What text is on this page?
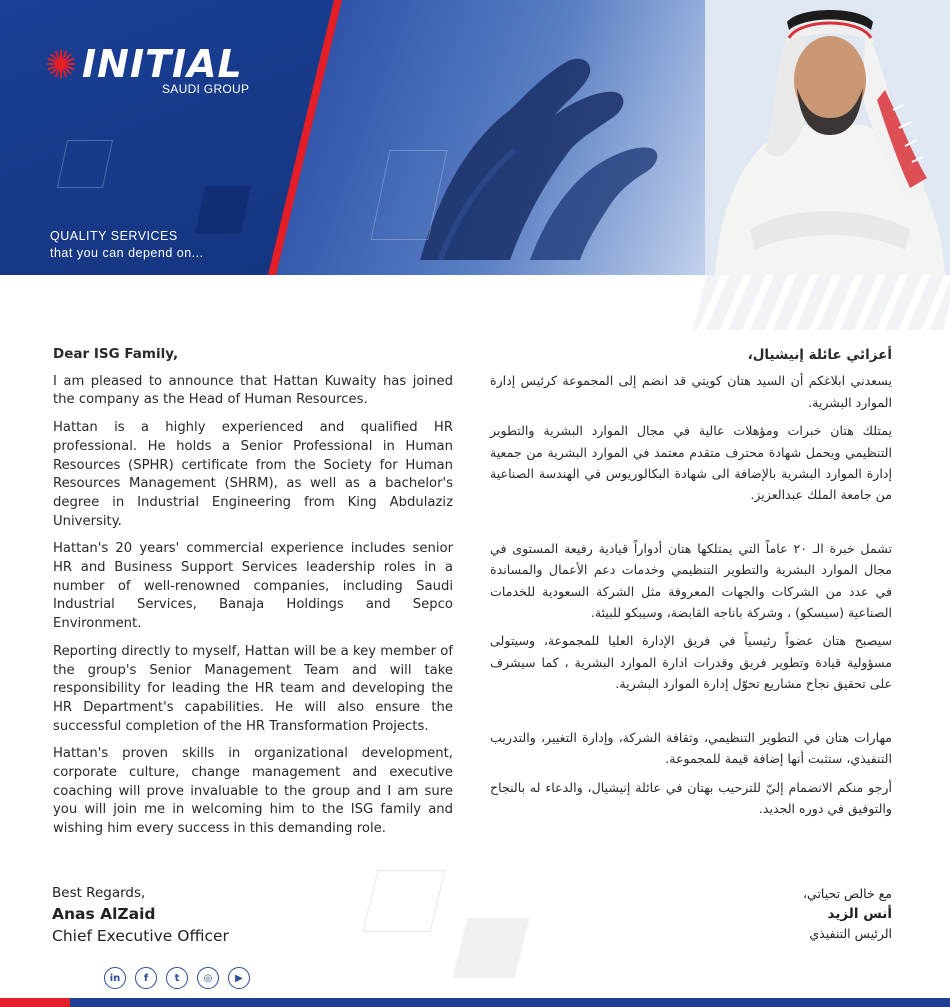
INITIAL
SAUDI GROUP
QUALITY SERVICES
that you can depend on...
Dear ISG Family,

I am pleased to announce that Hattan Kuwaity has joined the company as the Head of Human Resources.

Hattan is a highly experienced and qualified HR professional. He holds a Senior Professional in Human Resources (SPHR) certificate from the Society for Human Resources Management (SHRM), as well as a bachelor's degree in Industrial Engineering from King Abdulaziz University.

Hattan's 20 years' commercial experience includes senior HR and Business Support Services leadership roles in a number of well-renowned companies, including Saudi Industrial Services, Banaja Holdings and Sepco Environment.

Reporting directly to myself, Hattan will be a key member of the group's Senior Management Team and will take responsibility for leading the HR team and developing the HR Department's capabilities. He will also ensure the successful completion of the HR Transformation Projects.

Hattan's proven skills in organizational development, corporate culture, change management and executive coaching will prove invaluable to the group and I am sure you will join me in welcoming him to the ISG family and wishing him every success in this demanding role.

أعزائي عائلة إنيشيال،

يسعدني ابلاغكم أن السيد هتان كويتي قد انضم إلى المجموعة كرئيس إدارة الموارد البشرية.

يمتلك هتان خبرات ومؤهلات عالية في مجال الموارد البشرية والتطوير التنظيمي ويحمل شهادة محترف متقدم معتمد في الموارد البشرية من جمعية إدارة الموارد البشرية بالإضافة الى شهادة البكالوريوس في الهندسة الصناعية من جامعة الملك عبدالعزيز.

تشمل خبرة الـ ٢٠ عاماً التي يمتلكها هتان أدواراً قيادية رفيعة المستوى في مجال الموارد البشرية والتطوير التنظيمي وخدمات دعم الأعمال والمساندة في عدد من الشركات والجهات المعروفة مثل الشركة السعودية للخدمات الصناعية (سيسكو) ، وشركة باناجه القابضة، وسيبكو للبيئة.

سيصبح هتان عضواً رئيسياً في فريق الإدارة العليا للمجموعة، وسيتولى مسؤولية قيادة وتطوير فريق وقدرات ادارة الموارد البشرية ، كما سيشرف على تحقيق نجاح مشاريع تحوّل إدارة الموارد البشرية.

مهارات هتان في التطوير التنظيمي، وثقافة الشركة، وإدارة التغيير، والتدريب التنفيذي، ستثبت أنها إضافة قيمة للمجموعة.

أرجو منكم الانضمام إليّ للترحيب بهتان في عائلة إنيشيال، والدعاء له بالنجاح والتوفيق في دوره الجديد.

Best Regards,
Anas AlZaid
Chief Executive Officer
مع خالص تحياتي،
أنس الزيد
الرئيس التنفيذي
in	f	t	◎	▶
